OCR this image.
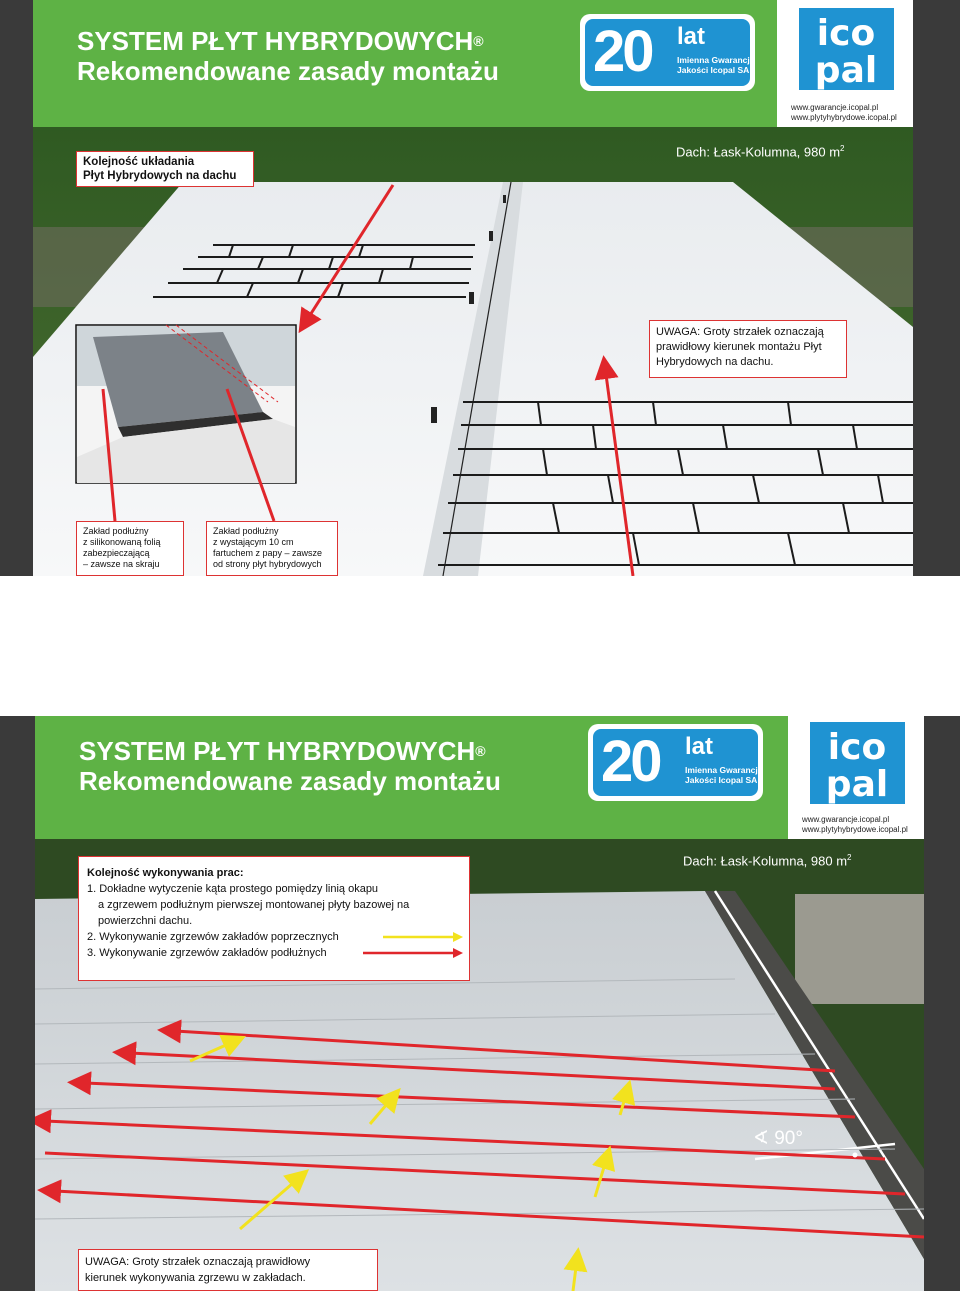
SYSTEM PŁYT HYBRYDOWYCH®
Rekomendowane zasady montażu 20 lat
Imienna Gwarancja
Jakości Icopal SA
ico
pal
www.gwarancje.icopal.pl
www.plytyhybrydowe.icopal.pl
Kolejność układania
Płyt Hybrydowych na dachu
Dach: Łask-Kolumna, 980 $m^2$
UWAGA: Groty strzałek oznaczają
prawidłowy kierunek montażu Płyt
Hybrydowych na dachu.
Zakład podłużny
z silikonowaną folią
zabezpieczającą
– zawsze na skraju
Zakład podłużny
z wystającym 10 cm
fartuchem z papy – zawsze
od strony płyt hybrydowych
SYSTEM PŁYT HYBRYDOWYCH®
Rekomendowane zasady montażu 20 lat
Imienna Gwarancja
Jakości Icopal SA
ico
pal
www.gwarancje.icopal.pl
www.plytyhybrydowe.icopal.pl
Dach: Łask-Kolumna, 980 $m^2$
Kolejność wykonywania prac:
1. Dokładne wytyczenie kąta prostego pomiędzy linią okapu
a zgrzewem podłużnym pierwszej montowanej płyty bazowej na
powierzchni dachu.
2. Wykonywanie zgrzewów zakładów poprzecznych
3. Wykonywanie zgrzewów zakładów podłużnych
∢ 90°
UWAGA: Groty strzałek oznaczają prawidłowy
kierunek wykonywania zgrzewu w zakładach.
